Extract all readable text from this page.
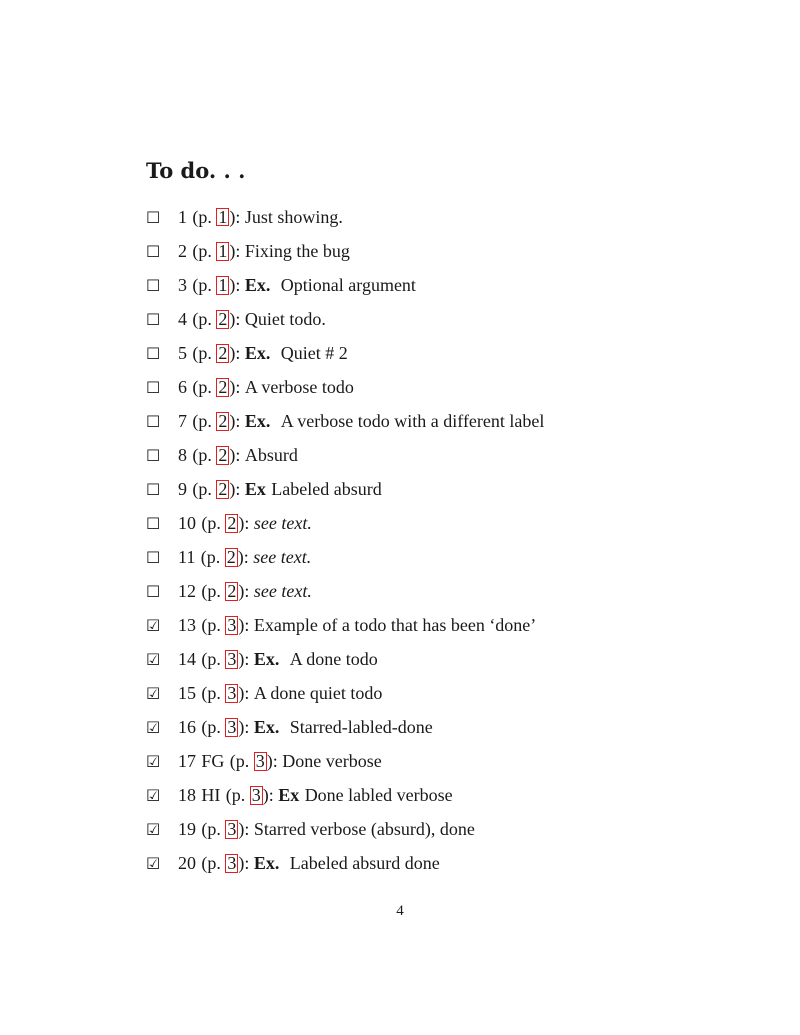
To do. . .
☐ 1 (p. 1 ): Just showing.
☐ 2 (p. 1 ): Fixing the bug
☐ 3 (p. 1 ): Ex. Optional argument
☐ 4 (p. 2 ): Quiet todo.
☐ 5 (p. 2 ): Ex. Quiet # 2
☐ 6 (p. 2 ): A verbose todo
☐ 7 (p. 2 ): Ex. A verbose todo with a different label
☐ 8 (p. 2 ): Absurd
☐ 9 (p. 2 ): Ex Labeled absurd
☐ 10 (p. 2 ): see text.
☐ 11 (p. 2 ): see text.
☐ 12 (p. 2 ): see text.
☑ 13 (p. 3 ): Example of a todo that has been ‘done’
☑ 14 (p. 3 ): Ex. A done todo
☑ 15 (p. 3 ): A done quiet todo
☑ 16 (p. 3 ): Ex. Starred-labled-done
☑ 17 FG (p. 3 ): Done verbose
☑ 18 HI (p. 3 ): Ex Done labled verbose
☑ 19 (p. 3 ): Starred verbose (absurd), done
☑ 20 (p. 3 ): Ex. Labeled absurd done
4
